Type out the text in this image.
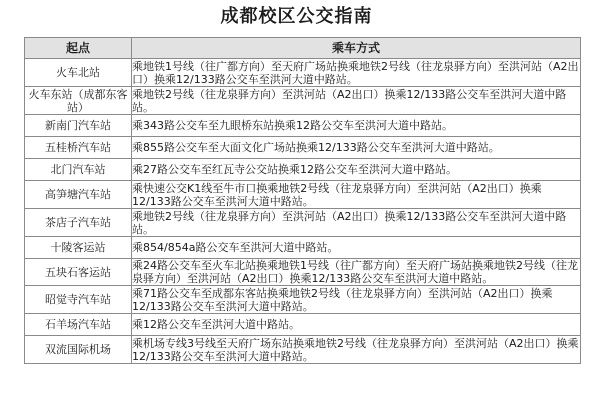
成都校区公交指南
起点	乘车方式
火车北站	乘地铁1号线（往广都方向）至天府广场站换乘地铁2号线（往龙泉驿方向）至洪河站（A2出口）换乘12/133路公交车至洪河大道中路站。
火车东站（成都东客站）	乘地铁2号线（往龙泉驿方向）至洪河站（A2出口）换乘12/133路公交车至洪河大道中路站。
新南门汽车站	乘343路公交车至九眼桥东站换乘12路公交车至洪河大道中路站。
五桂桥汽车站	乘855路公交车至大面文化广场站换乘12/133路公交车至洪河大道中路站。
北门汽车站	乘27路公交车至红瓦寺公交站换乘12路公交车至洪河大道中路站。
高笋塘汽车站	乘快速公交K1线至牛市口换乘地铁2号线（往龙泉驿方向）至洪河站（A2出口）换乘12/133路公交车至洪河大道中路站。
茶店子汽车站	乘地铁2号线（往龙泉驿方向）至洪河站（A2出口）换乘12/133路公交车至洪河大道中路站。
十陵客运站	乘854/854a路公交车至洪河大道中路站。
五块石客运站	乘24路公交车至火车北站换乘地铁1号线（往广都方向）至天府广场站换乘地铁2号线（往龙泉驿方向）至洪河站（A2出口）换乘12/133路公交车至洪河大道中路站。
昭觉寺汽车站	乘71路公交车至成都东客站换乘地铁2号线（往龙泉驿方向）至洪河站（A2出口）换乘12/133路公交车至洪河大道中路站。
石羊场汽车站	乘12路公交车至洪河大道中路站。
双流国际机场	乘机场专线3号线至天府广场东站换乘地铁2号线（往龙泉驿方向）至洪河站（A2出口）换乘12/133路公交车至洪河大道中路站。
